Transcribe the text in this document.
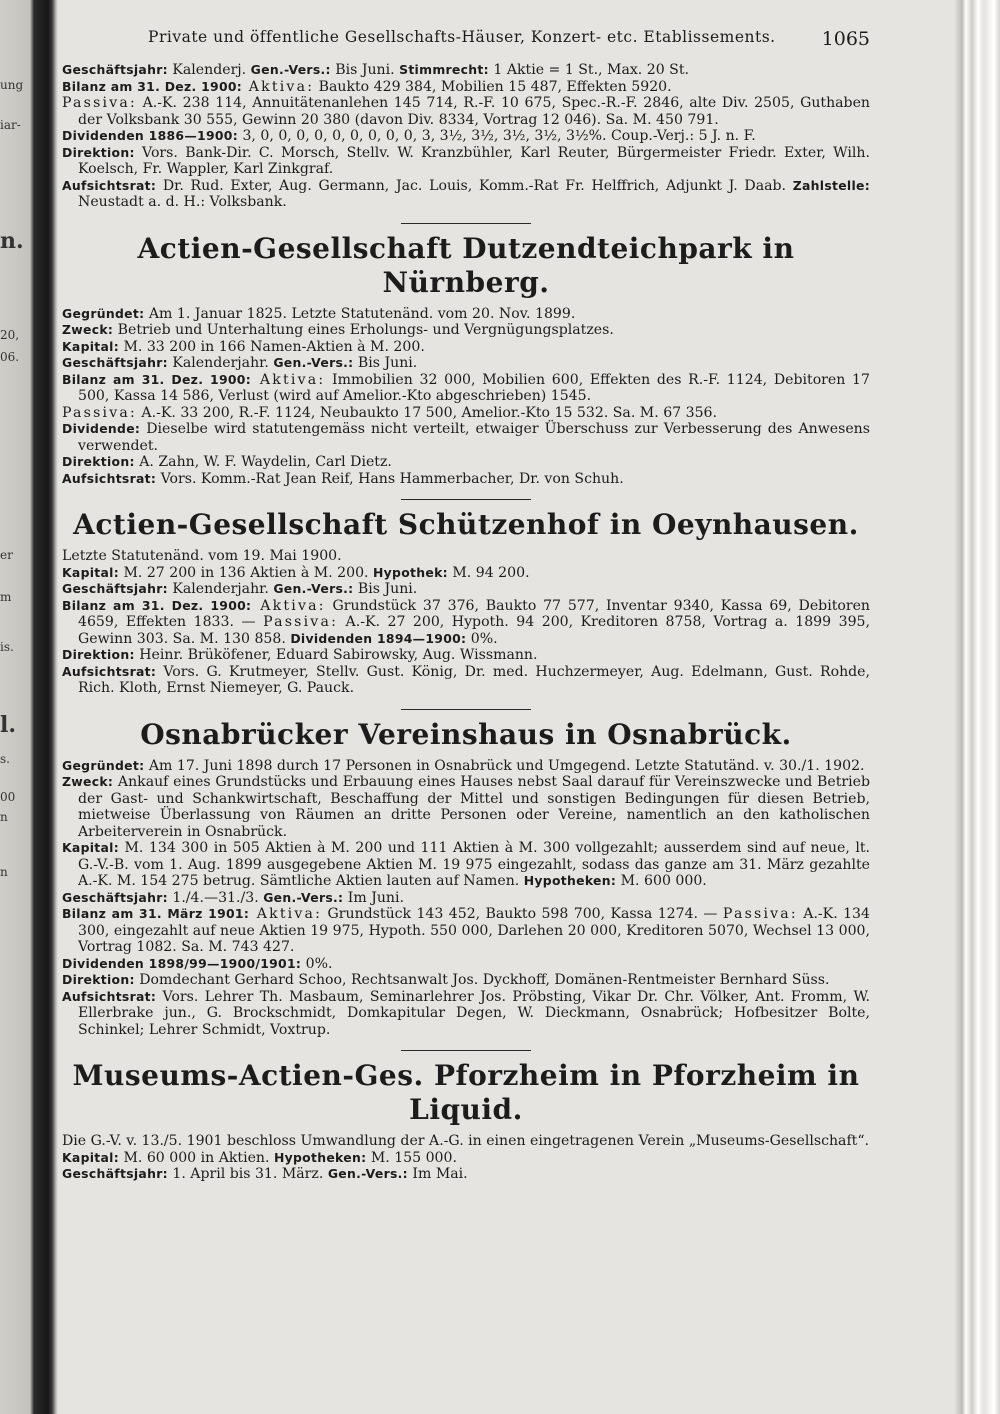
ung
iar-
n.
20,
06.
er
m
is.
l.
s.
00
n
n
Private und öffentliche Gesellschafts-Häuser, Konzert- etc. Etablissements.	1065

Geschäftsjahr: Kalenderj. Gen.-Vers.: Bis Juni. Stimmrecht: 1 Aktie = 1 St., Max. 20 St.

Bilanz am 31. Dez. 1900: Aktiva: Baukto 429 384, Mobilien 15 487, Effekten 5920.

Passiva: A.-K. 238 114, Annuitätenanlehen 145 714, R.-F. 10 675, Spec.-R.-F. 2846, alte Div. 2505, Guthaben der Volksbank 30 555, Gewinn 20 380 (davon Div. 8334, Vortrag 12 046). Sa. M. 450 791.

Dividenden 1886—1900: 3, 0, 0, 0, 0, 0, 0, 0, 0, 0, 3, 3½, 3½, 3½, 3½, 3½%. Coup.-Verj.: 5 J. n. F.

Direktion: Vors. Bank-Dir. C. Morsch, Stellv. W. Kranzbühler, Karl Reuter, Bürgermeister Friedr. Exter, Wilh. Koelsch, Fr. Wappler, Karl Zinkgraf.

Aufsichtsrat: Dr. Rud. Exter, Aug. Germann, Jac. Louis, Komm.-Rat Fr. Helffrich, Adjunkt J. Daab. Zahlstelle: Neustadt a. d. H.: Volksbank.

Actien-Gesellschaft Dutzendteichpark in Nürnberg.

Gegründet: Am 1. Januar 1825. Letzte Statutenänd. vom 20. Nov. 1899.

Zweck: Betrieb und Unterhaltung eines Erholungs- und Vergnügungsplatzes.

Kapital: M. 33 200 in 166 Namen-Aktien à M. 200.

Geschäftsjahr: Kalenderjahr. Gen.-Vers.: Bis Juni.

Bilanz am 31. Dez. 1900: Aktiva: Immobilien 32 000, Mobilien 600, Effekten des R.-F. 1124, Debitoren 17 500, Kassa 14 586, Verlust (wird auf Amelior.-Kto abgeschrieben) 1545.

Passiva: A.-K. 33 200, R.-F. 1124, Neubaukto 17 500, Amelior.-Kto 15 532. Sa. M. 67 356.

Dividende: Dieselbe wird statutengemäss nicht verteilt, etwaiger Überschuss zur Verbesserung des Anwesens verwendet.

Direktion: A. Zahn, W. F. Waydelin, Carl Dietz.

Aufsichtsrat: Vors. Komm.-Rat Jean Reif, Hans Hammerbacher, Dr. von Schuh.

Actien-Gesellschaft Schützenhof in Oeynhausen.

Letzte Statutenänd. vom 19. Mai 1900.

Kapital: M. 27 200 in 136 Aktien à M. 200. Hypothek: M. 94 200.

Geschäftsjahr: Kalenderjahr. Gen.-Vers.: Bis Juni.

Bilanz am 31. Dez. 1900: Aktiva: Grundstück 37 376, Baukto 77 577, Inventar 9340, Kassa 69, Debitoren 4659, Effekten 1833. — Passiva: A.-K. 27 200, Hypoth. 94 200, Kreditoren 8758, Vortrag a. 1899 395, Gewinn 303. Sa. M. 130 858. Dividenden 1894—1900: 0%.

Direktion: Heinr. Brüköfener, Eduard Sabirowsky, Aug. Wissmann.

Aufsichtsrat: Vors. G. Krutmeyer, Stellv. Gust. König, Dr. med. Huchzermeyer, Aug. Edelmann, Gust. Rohde, Rich. Kloth, Ernst Niemeyer, G. Pauck.

Osnabrücker Vereinshaus in Osnabrück.

Gegründet: Am 17. Juni 1898 durch 17 Personen in Osnabrück und Umgegend. Letzte Statutänd. v. 30./1. 1902.

Zweck: Ankauf eines Grundstücks und Erbauung eines Hauses nebst Saal darauf für Vereinszwecke und Betrieb der Gast- und Schankwirtschaft, Beschaffung der Mittel und sonstigen Bedingungen für diesen Betrieb, mietweise Überlassung von Räumen an dritte Personen oder Vereine, namentlich an den katholischen Arbeiterverein in Osnabrück.

Kapital: M. 134 300 in 505 Aktien à M. 200 und 111 Aktien à M. 300 vollgezahlt; ausserdem sind auf neue, lt. G.-V.-B. vom 1. Aug. 1899 ausgegebene Aktien M. 19 975 eingezahlt, sodass das ganze am 31. März gezahlte A.-K. M. 154 275 betrug. Sämtliche Aktien lauten auf Namen. Hypotheken: M. 600 000.

Geschäftsjahr: 1./4.—31./3. Gen.-Vers.: Im Juni.

Bilanz am 31. März 1901: Aktiva: Grundstück 143 452, Baukto 598 700, Kassa 1274. — Passiva: A.-K. 134 300, eingezahlt auf neue Aktien 19 975, Hypoth. 550 000, Darlehen 20 000, Kreditoren 5070, Wechsel 13 000, Vortrag 1082. Sa. M. 743 427.

Dividenden 1898/99—1900/1901: 0%.

Direktion: Domdechant Gerhard Schoo, Rechtsanwalt Jos. Dyckhoff, Domänen-Rentmeister Bernhard Süss.

Aufsichtsrat: Vors. Lehrer Th. Masbaum, Seminarlehrer Jos. Pröbsting, Vikar Dr. Chr. Völker, Ant. Fromm, W. Ellerbrake jun., G. Brockschmidt, Domkapitular Degen, W. Dieckmann, Osnabrück; Hofbesitzer Bolte, Schinkel; Lehrer Schmidt, Voxtrup.

Museums-Actien-Ges. Pforzheim in Pforzheim in Liquid.

Die G.-V. v. 13./5. 1901 beschloss Umwandlung der A.-G. in einen eingetragenen Verein „Museums-Gesellschaft“.

Kapital: M. 60 000 in Aktien. Hypotheken: M. 155 000.

Geschäftsjahr: 1. April bis 31. März. Gen.-Vers.: Im Mai.
